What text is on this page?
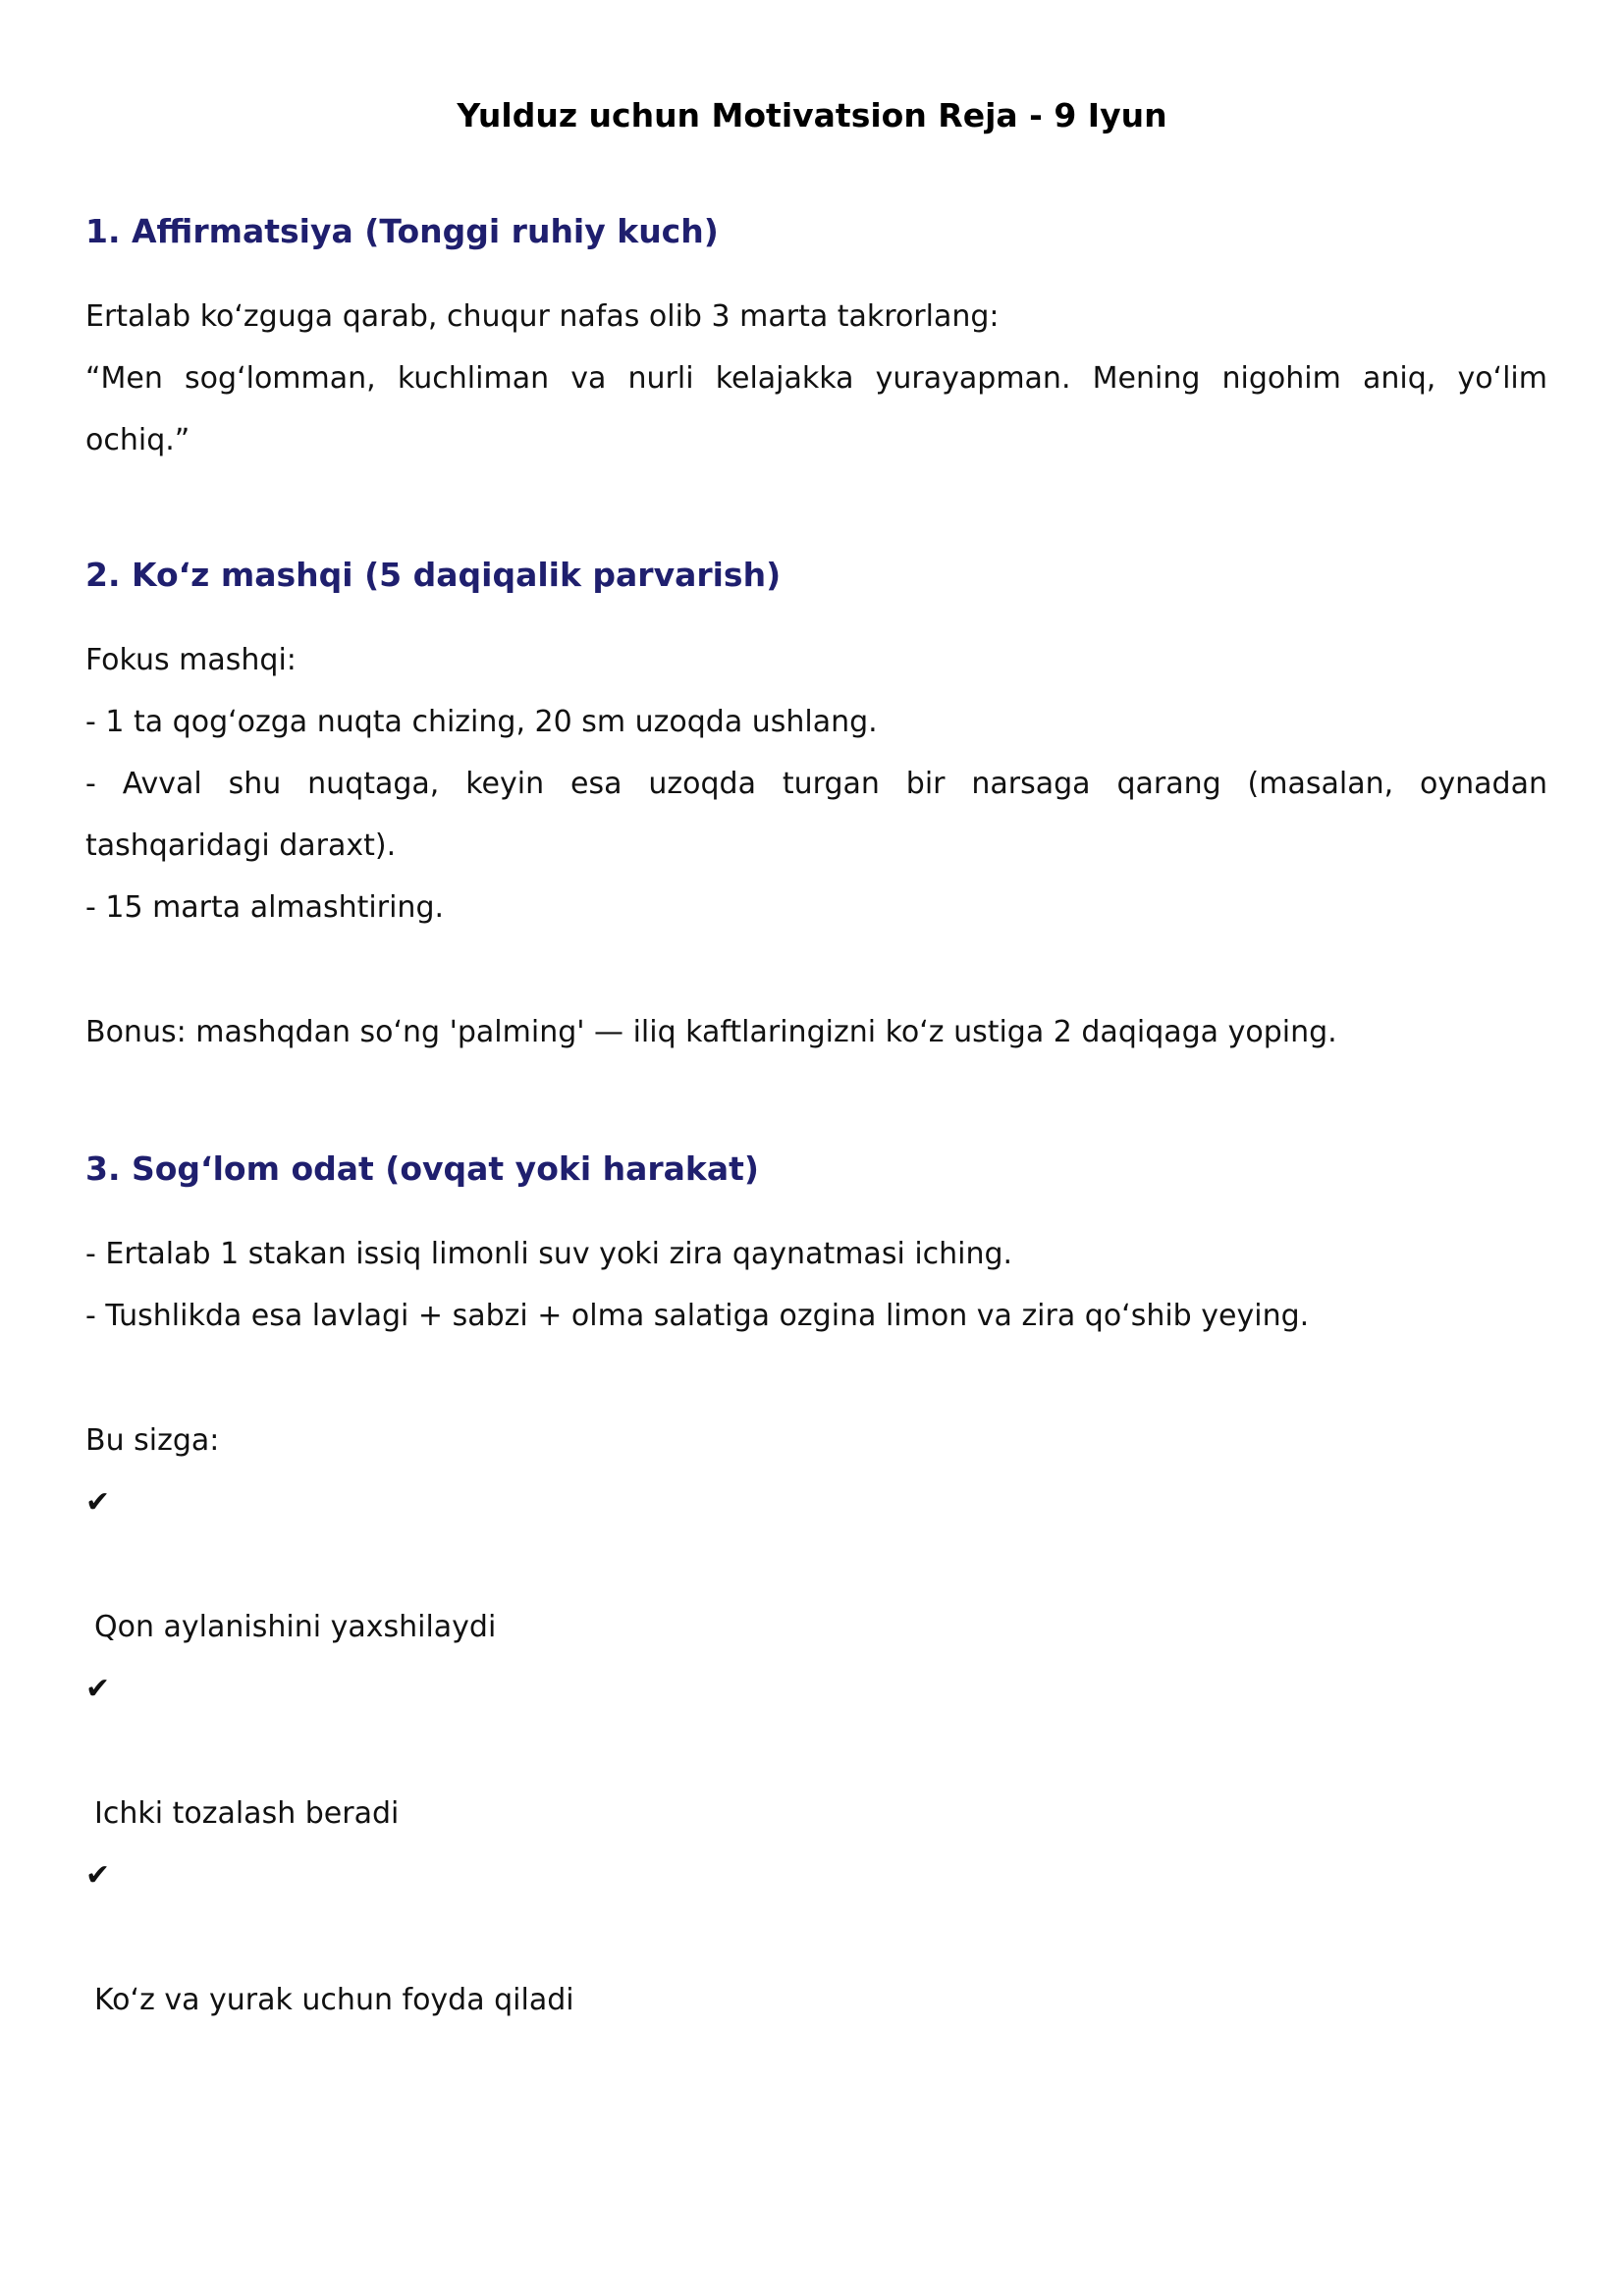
Yulduz uchun Motivatsion Reja - 9 Iyun
1. Affirmatsiya (Tonggi ruhiy kuch)
Ertalab ko‘zguga qarab, chuqur nafas olib 3 marta takrorlang:
“Men sog‘lomman, kuchliman va nurli kelajakka yurayapman. Mening nigohim aniq, yo‘lim
ochiq.”
2. Ko‘z mashqi (5 daqiqalik parvarish)
Fokus mashqi:
- 1 ta qog‘ozga nuqta chizing, 20 sm uzoqda ushlang.
- Avval shu nuqtaga, keyin esa uzoqda turgan bir narsaga qarang (masalan, oynadan
tashqaridagi daraxt).
- 15 marta almashtiring.
Bonus: mashqdan so‘ng 'palming' — iliq kaftlaringizni ko‘z ustiga 2 daqiqaga yoping.
3. Sog‘lom odat (ovqat yoki harakat)
- Ertalab 1 stakan issiq limonli suv yoki zira qaynatmasi iching.
- Tushlikda esa lavlagi + sabzi + olma salatiga ozgina limon va zira qo‘shib yeying.
Bu sizga:
✔
Qon aylanishini yaxshilaydi
✔
Ichki tozalash beradi
✔
Ko‘z va yurak uchun foyda qiladi
